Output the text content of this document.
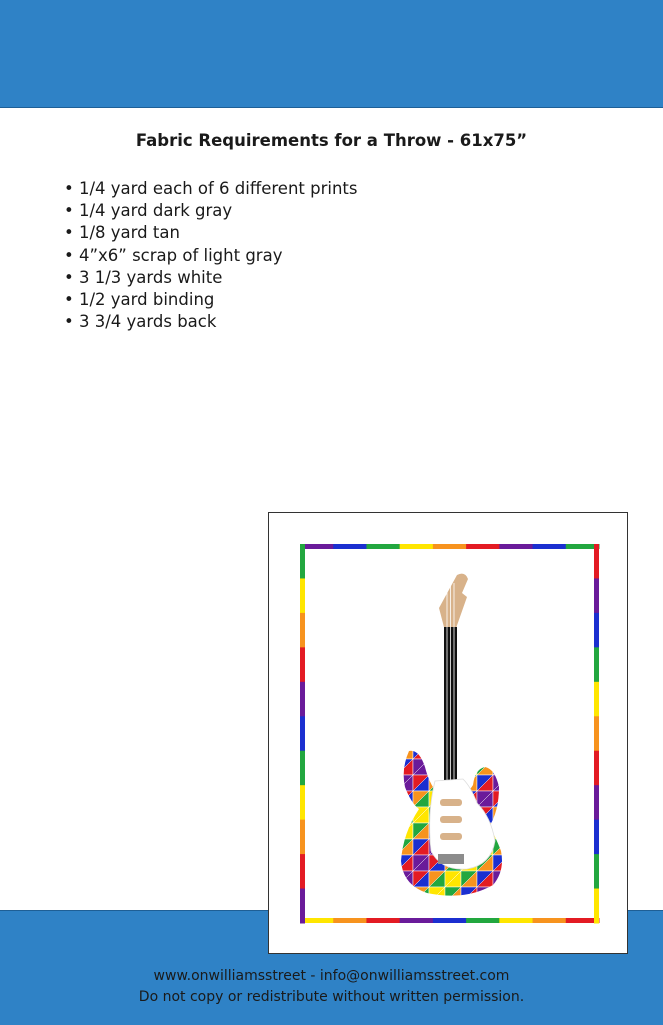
Fabric Requirements for a Throw - 61x75”
• 1/4 yard each of 6 different prints
• 1/4 yard dark gray
• 1/8 yard tan
• 4”x6” scrap of light gray
• 3 1/3 yards white
• 1/2 yard binding
• 3 3/4 yards back
www.onwilliamsstreet - info@onwilliamsstreet.com
Do not copy or redistribute without written permission.
